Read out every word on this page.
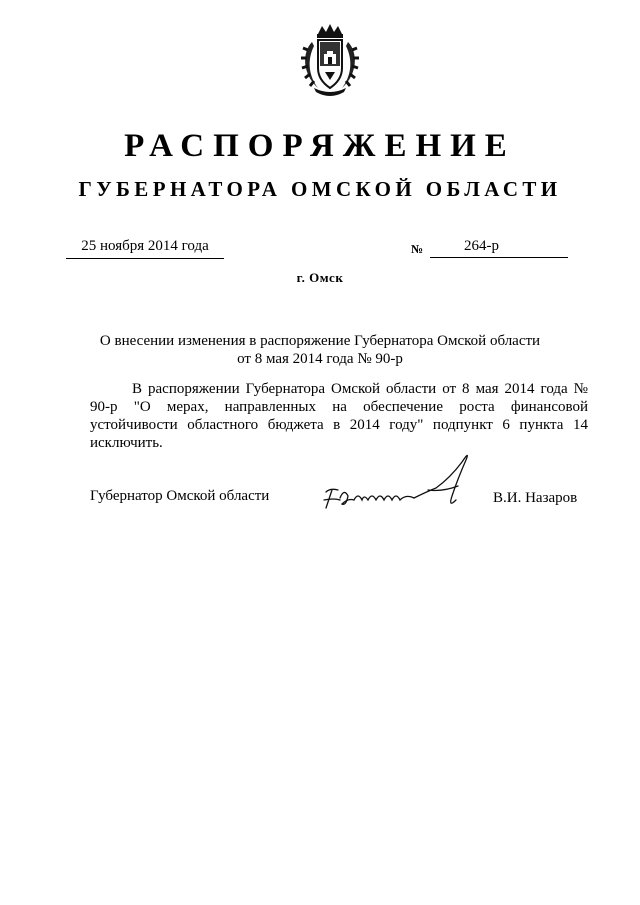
РАСПОРЯЖЕНИЕ
ГУБЕРНАТОРА ОМСКОЙ ОБЛАСТИ
25 ноября 2014 года	№	264-р
г. Омск
О внесении изменения в распоряжение Губернатора Омской области
от 8 мая 2014 года № 90-р
В распоряжении Губернатора Омской области от 8 мая 2014 года № 90-р "О мерах, направленных на обеспечение роста финансовой устойчивости областного бюджета в 2014 году" подпункт 6 пункта 14 исключить.
Губернатор Омской области	В.И. Назаров
